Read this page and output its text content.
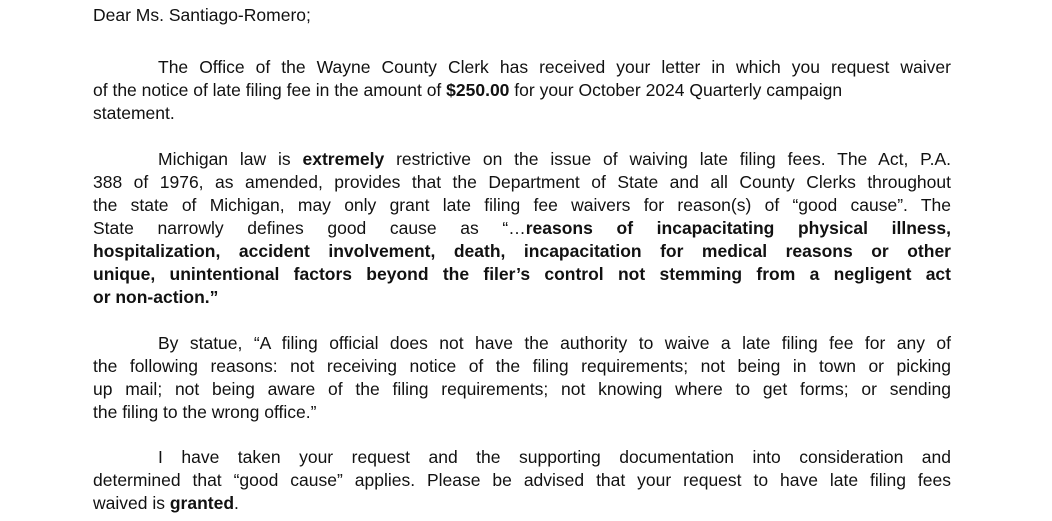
Dear Ms. Santiago-Romero;
The Office of the Wayne County Clerk has received your letter in which you request waiver
of the notice of late filing fee in the amount of $250.00 for your October 2024 Quarterly campaign
statement.
Michigan law is extremely restrictive on the issue of waiving late filing fees. The Act, P.A.
388 of 1976, as amended, provides that the Department of State and all County Clerks throughout
the state of Michigan, may only grant late filing fee waivers for reason(s) of “good cause”. The
State narrowly defines good cause as “…reasons of incapacitating physical illness,
hospitalization, accident involvement, death, incapacitation for medical reasons or other
unique, unintentional factors beyond the filer’s control not stemming from a negligent act
or non-action.”
By statue, “A filing official does not have the authority to waive a late filing fee for any of
the following reasons: not receiving notice of the filing requirements; not being in town or picking
up mail; not being aware of the filing requirements; not knowing where to get forms; or sending
the filing to the wrong office.”
I have taken your request and the supporting documentation into consideration and
determined that “good cause” applies. Please be advised that your request to have late filing fees
waived is granted.
